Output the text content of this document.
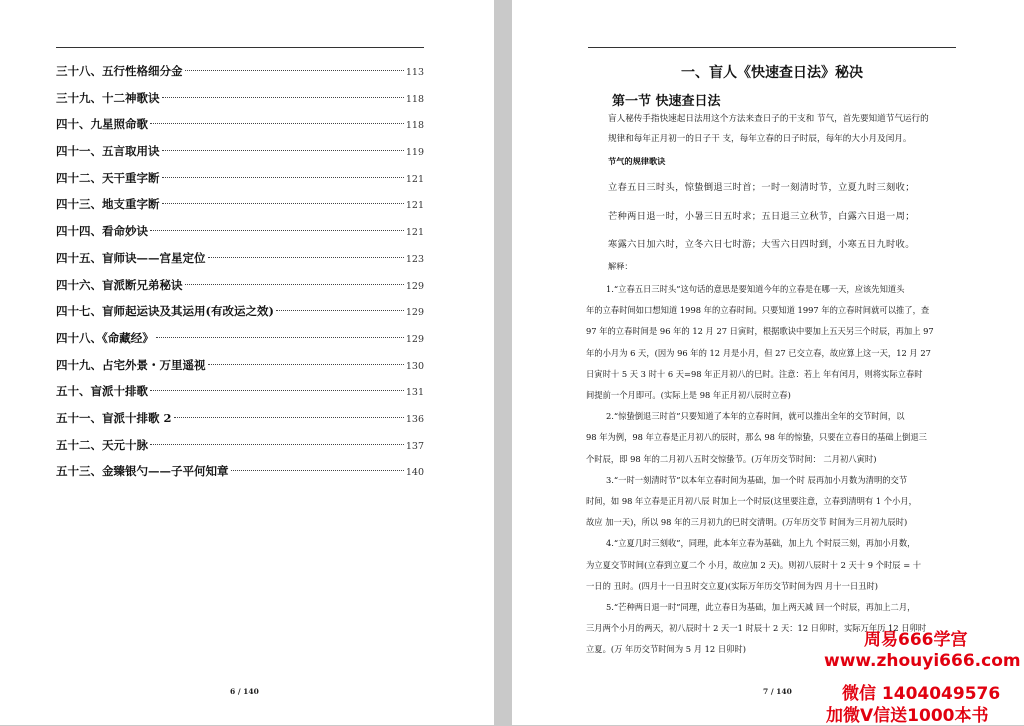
三十八、五行性格细分金	113
三十九、十二神歌诀	118
四十、九星照命歌	118
四十一、五言取用诀	119
四十二、天干重字断	121
四十三、地支重字断	121
四十四、看命妙诀	121
四十五、盲师诀——宫星定位	123
四十六、盲派断兄弟秘诀	129
四十七、盲师起运诀及其运用(有改运之效)	129
四十八、《命藏经》	129
四十九、占宅外景・万里遥视	130
五十、盲派十排歌	131
五十一、盲派十排歌 2	136
五十二、天元十脉	137
五十三、金臻银勺——子平何知章	140
6 / 140
一、盲人《快速查日法》秘决
第一节 快速查日法
盲人秘传手指快速起日法用这个方法来查日子的干支和 节气，首先要知道节气运行的
规律和每年正月初一的日子干 支，每年立春的日子时辰，每年的大小月及闰月。
节气的规律歌诀
立春五日三时头，惊蛰倒退三时首；一时一刻清时节，立夏九时三刻收；
芒种两日退一时，小暑三日五时求；五日退三立秋节，白露六日退一周；
寒露六日加六时，立冬六日七时游；大雪六日四时到，小寒五日九时收。
解释：

1.“立春五日三时头”这句话的意思是要知道今年的立春是在哪一天，应该先知道头
年的立春时间如口想知道 1998 年的立春时间。只要知道 1997 年的立春时间就可以推了，查
97 年的立春时间是 96 年的 12 月 27 日寅时，根据歌诀中要加上五天另三个时辰，再加上 97
年的小月为 6 天，(因为 96 年的 12 月是小月，但 27 已交立春，故应算上这一天，12 月 27
日寅时十 5 天 3 时十 6 天=98 年正月初八的巳时。注意：若上 年有闰月，则将实际立春时
间提前一个月即可。(实际上是 98 年正月初八辰时立春)

2.“惊蛰倒退三时首”只要知道了本年的立春时间，就可以推出全年的交节时间，以
98 年为例，98 年立春是正月初八的辰时，那么 98 年的惊蛰，只要在立春日的基础上倒退三
个时辰，即 98 年的二月初八五时交惊蛰节。(万年历交节时间： 二月初八寅时)

3.“一时一刻清时节”以本年立春时间为基础，加一个时 辰再加小月数为清明的交节
时间，如 98 年立春是正月初八辰 时加上一个时辰(这里要注意，立春到清明有 1 个小月，
故应 加一天)，所以 98 年的三月初九的巳时交清明。(万年历交节 时间为三月初九辰时)

4.“立夏几时三刻收”，同理，此本年立春为基础，加上九 个时辰三刻，再加小月数，
为立夏交节时间(立春到立夏二个 小月，故应加 2 天)。则初八辰时十 2 天十 9 个时辰 = 十
一日的 丑时。(四月十一日丑时交立夏)(实际万年历交节时间为四 月十一日丑时)

5.“芒种两日退一时”同理，此立春日为基础，加上两天减 回一个时辰，再加上二月，
三月两个小月的两天，初八辰时十 2 天一1 时辰十 2 天：12 日卯时，实际万年历 12 日卯时
立夏。(万 年历交节时间为 5 月 12 日卯时)

7 / 140
周易666学宫
www.zhouyi666.com
微信 1404049576
加微V信送1000本书
